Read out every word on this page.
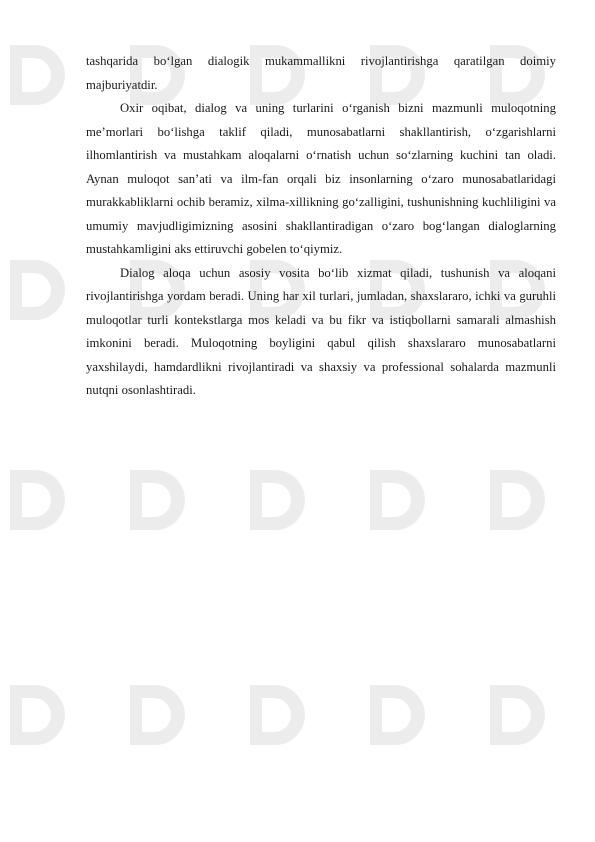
tashqarida bo‘lgan dialogik mukammallikni rivojlantirishga qaratilgan doimiy majburiyatdir.

Oxir oqibat, dialog va uning turlarini o‘rganish bizni mazmunli muloqotning me’morlari bo‘lishga taklif qiladi, munosabatlarni shakllantirish, o‘zgarishlarni ilhomlantirish va mustahkam aloqalarni o‘rnatish uchun so‘zlarning kuchini tan oladi. Aynan muloqot san’ati va ilm-fan orqali biz insonlarning o‘zaro munosabatlaridagi murakkabliklarni ochib beramiz, xilma-xillikning go‘zalligini, tushunishning kuchliligini va umumiy mavjudligimizning asosini shakllantiradigan o‘zaro bog‘langan dialoglarning mustahkamligini aks ettiruvchi gobelen to‘qiymiz.

Dialog aloqa uchun asosiy vosita bo‘lib xizmat qiladi, tushunish va aloqani rivojlantirishga yordam beradi. Uning har xil turlari, jumladan, shaxslararo, ichki va guruhli muloqotlar turli kontekstlarga mos keladi va bu fikr va istiqbollarni samarali almashish imkonini beradi. Muloqotning boyligini qabul qilish shaxslararo munosabatlarni yaxshilaydi, hamdardlikni rivojlantiradi va shaxsiy va professional sohalarda mazmunli nutqni osonlashtiradi.
